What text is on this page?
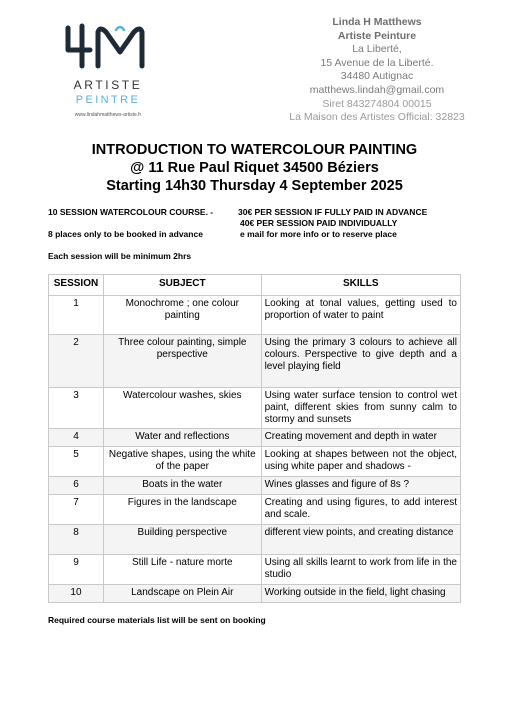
ARTISTE
PEINTRE
www.lindahmatthews-artiste.fr
Linda H Matthews
Artiste Peinture
La Liberté,
15 Avenue de la Liberté.
34480 Autignac
matthews.lindah@gmail.com
Siret 843274804 00015
La Maison des Artistes Official: 32823
INTRODUCTION TO WATERCOLOUR PAINTING
@ 11 Rue Paul Riquet 34500 Béziers
Starting 14h30 Thursday 4 September 2025
10 SESSION WATERCOLOUR COURSE. -	30€ PER SESSION IF FULLY PAID IN ADVANCE
40€ PER SESSION PAID INDIVIDUALLY
8 places only to be booked in advance	e mail for more info or to reserve place
Each session will be minimum 2hrs
SESSION	SUBJECT	SKILLS
1	Monochrome ; one colour painting	Looking at tonal values, getting used to proportion of water to paint
2	Three colour painting, simple perspective	Using the primary 3 colours to achieve all colours. Perspective to give depth and a level playing field
3	Watercolour washes, skies	Using water surface tension to control wet paint, different skies from sunny calm to stormy and sunsets
4	Water and reflections	Creating movement and depth in water
5	Negative shapes, using the white of the paper	Looking at shapes between not the object, using white paper and shadows -
6	Boats in the water	Wines glasses and figure of 8s ?
7	Figures in the landscape	Creating and using figures, to add interest and scale.
8	Building perspective	different view points, and creating distance
9	Still Life - nature morte	Using all skills learnt to work from life in the studio
10	Landscape on Plein Air	Working outside in the field, light chasing
Required course materials list will be sent on booking
